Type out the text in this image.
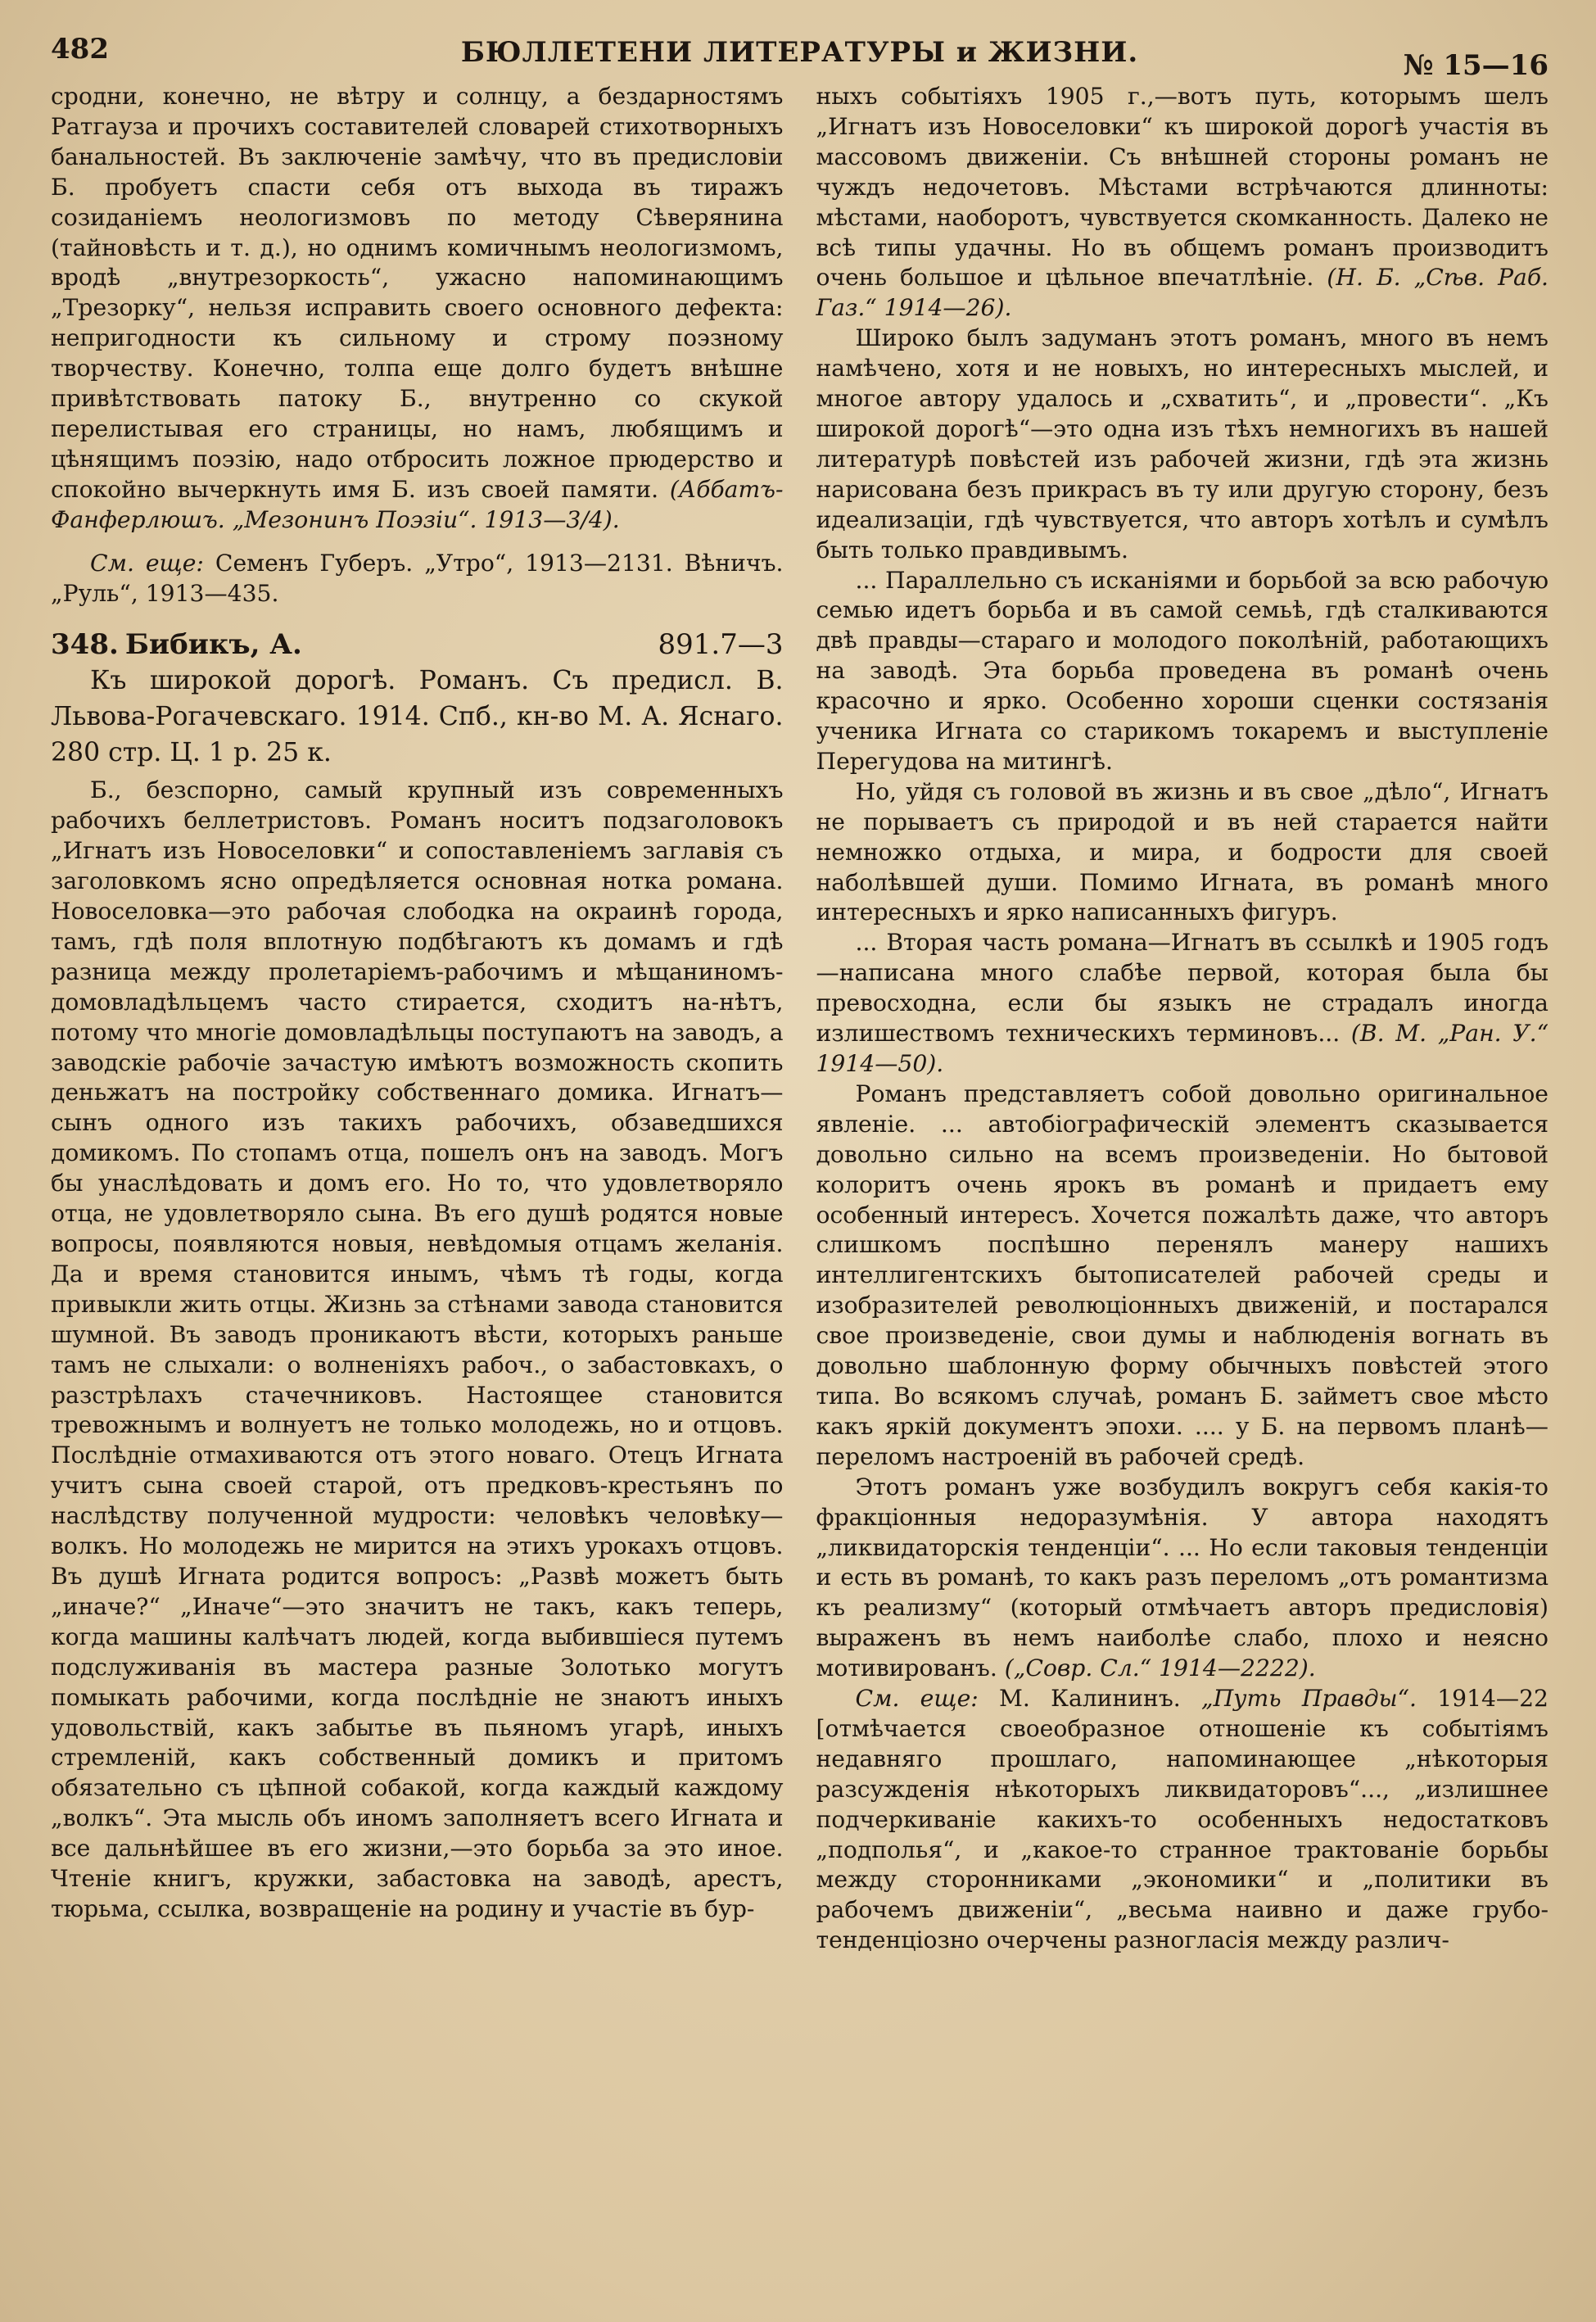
482	БЮЛЛЕТЕНИ ЛИТЕРАТУРЫ и ЖИЗНИ.	№ 15—16

сродни, конечно, не вѣтру и солнцу, а бездарностямъ Ратгауза и прочихъ составителей словарей стихотворныхъ банальностей. Въ заключеніе замѣчу, что въ предисловіи Б. пробуетъ спасти себя отъ выхода въ тиражъ созиданіемъ неологизмовъ по методу Сѣверянина (тайновѣсть и т. д.), но однимъ комичнымъ неологизмомъ, вродѣ „внутрезоркость“, ужасно напоминающимъ „Трезорку“, нельзя исправить своего основного дефекта: непригодности къ сильному и строму поэзному творчеству. Конечно, толпа еще долго будетъ внѣшне привѣтствовать патоку Б., внутренно со скукой перелистывая его страницы, но намъ, любящимъ и цѣнящимъ поэзію, надо отбросить ложное прюдерство и спокойно вычеркнуть имя Б. изъ своей памяти. (Аббатъ-Фанферлюшъ. „Мезонинъ Поэзіи“. 1913—3/4).

См. еще: Семенъ Губеръ. „Утро“, 1913—2131. Вѣничъ. „Руль“, 1913—435.

348. Бибикъ, А.	891.7—3
Къ широкой дорогѣ. Романъ. Съ предисл. В. Львова-Рогачевскаго. 1914. Спб., кн-во М. А. Яснаго. 280 стр. Ц. 1 р. 25 к.

Б., безспорно, самый крупный изъ современныхъ рабочихъ беллетристовъ. Романъ носитъ подзаголовокъ „Игнатъ изъ Новоселовки“ и сопоставленіемъ заглавія съ заголовкомъ ясно опредѣляется основная нотка романа. Новоселовка—это рабочая слободка на окраинѣ города, тамъ, гдѣ поля вплотную подбѣгаютъ къ домамъ и гдѣ разница между пролетаріемъ-рабочимъ и мѣщаниномъ-домовладѣльцемъ часто стирается, сходитъ на-нѣтъ, потому что многіе домовладѣльцы поступаютъ на заводъ, а заводскіе рабочіе зачастую имѣютъ возможность скопить деньжатъ на постройку собственнаго домика. Игнатъ—сынъ одного изъ такихъ рабочихъ, обзаведшихся домикомъ. По стопамъ отца, пошелъ онъ на заводъ. Могъ бы унаслѣдовать и домъ его. Но то, что удовлетворяло отца, не удовлетворяло сына. Въ его душѣ родятся новые вопросы, появляются новыя, невѣдомыя отцамъ желанія. Да и время становится инымъ, чѣмъ тѣ годы, когда привыкли жить отцы. Жизнь за стѣнами завода становится шумной. Въ заводъ проникаютъ вѣсти, которыхъ раньше тамъ не слыхали: о волненіяхъ рабоч., о забастовкахъ, о разстрѣлахъ стачечниковъ. Настоящее становится тревожнымъ и волнуетъ не только молодежь, но и отцовъ. Послѣдніе отмахиваются отъ этого новаго. Отецъ Игната учитъ сына своей старой, отъ предковъ-крестьянъ по наслѣдству полученной мудрости: человѣкъ человѣку—волкъ. Но молодежь не мирится на этихъ урокахъ отцовъ. Въ душѣ Игната родится вопросъ: „Развѣ можетъ быть „иначе?“ „Иначе“—это значитъ не такъ, какъ теперь, когда машины калѣчатъ людей, когда выбившіеся путемъ подслуживанія въ мастера разные Золотько могутъ помыкать рабочими, когда послѣдніе не знаютъ иныхъ удовольствій, какъ забытье въ пьяномъ угарѣ, иныхъ стремленій, какъ собственный домикъ и притомъ обязательно съ цѣпной собакой, когда каждый каждому „волкъ“. Эта мысль объ иномъ заполняетъ всего Игната и все дальнѣйшее въ его жизни,—это борьба за это иное. Чтеніе книгъ, кружки, забастовка на заводѣ, арестъ, тюрьма, ссылка, возвращеніе на родину и участіе въ бур-

ныхъ событіяхъ 1905 г.,—вотъ путь, которымъ шелъ „Игнатъ изъ Новоселовки“ къ широкой дорогѣ участія въ массовомъ движеніи. Съ внѣшней стороны романъ не чуждъ недочетовъ. Мѣстами встрѣчаются длинноты: мѣстами, наоборотъ, чувствуется скомканность. Далеко не всѣ типы удачны. Но въ общемъ романъ производитъ очень большое и цѣльное впечатлѣніе. (Н. Б. „Сѣв. Раб. Газ.“ 1914—26).

Широко былъ задуманъ этотъ романъ, много въ немъ намѣчено, хотя и не новыхъ, но интересныхъ мыслей, и многое автору удалось и „схватить“, и „провести“. „Къ широкой дорогѣ“—это одна изъ тѣхъ немногихъ въ нашей литературѣ повѣстей изъ рабочей жизни, гдѣ эта жизнь нарисована безъ прикрасъ въ ту или другую сторону, безъ идеализаціи, гдѣ чувствуется, что авторъ хотѣлъ и сумѣлъ быть только правдивымъ.

... Параллельно съ исканіями и борьбой за всю рабочую семью идетъ борьба и въ самой семьѣ, гдѣ сталкиваются двѣ правды—стараго и молодого поколѣній, работающихъ на заводѣ. Эта борьба проведена въ романѣ очень красочно и ярко. Особенно хороши сценки состязанія ученика Игната со старикомъ токаремъ и выступленіе Перегудова на митингѣ.

Но, уйдя съ головой въ жизнь и въ свое „дѣло“, Игнатъ не порываетъ съ природой и въ ней старается найти немножко отдыха, и мира, и бодрости для своей наболѣвшей души. Помимо Игната, въ романѣ много интересныхъ и ярко написанныхъ фигуръ.

... Вторая часть романа—Игнатъ въ ссылкѣ и 1905 годъ—написана много слабѣе первой, которая была бы превосходна, если бы языкъ не страдалъ иногда излишествомъ техническихъ терминовъ... (В. М. „Ран. У.“ 1914—50).

Романъ представляетъ собой довольно оригинальное явленіе. ... автобіографическій элементъ сказывается довольно сильно на всемъ произведеніи. Но бытовой колоритъ очень ярокъ въ романѣ и придаетъ ему особенный интересъ. Хочется пожалѣть даже, что авторъ слишкомъ поспѣшно перенялъ манеру нашихъ интеллигентскихъ бытописателей рабочей среды и изобразителей революціонныхъ движеній, и постарался свое произведеніе, свои думы и наблюденія вогнать въ довольно шаблонную форму обычныхъ повѣстей этого типа. Во всякомъ случаѣ, романъ Б. займетъ свое мѣсто какъ яркій документъ эпохи. .... у Б. на первомъ планѣ—переломъ настроеній въ рабочей средѣ.

Этотъ романъ уже возбудилъ вокругъ себя какія-то фракціонныя недоразумѣнія. У автора находятъ „ликвидаторскія тенденціи“. ... Но если таковыя тенденціи и есть въ романѣ, то какъ разъ переломъ „отъ романтизма къ реализму“ (который отмѣчаетъ авторъ предисловія) выраженъ въ немъ наиболѣе слабо, плохо и неясно мотивированъ. („Совр. Сл.“ 1914—2222).

См. еще: М. Калининъ. „Путь Правды“. 1914—22 [отмѣчается своеобразное отношеніе къ событіямъ недавняго прошлаго, напоминающее „нѣкоторыя разсужденія нѣкоторыхъ ликвидаторовъ“..., „излишнее подчеркиваніе какихъ-то особенныхъ недостатковъ „подполья“, и „какое-то странное трактованіе борьбы между сторонниками „экономики“ и „политики въ рабочемъ движеніи“, „весьма наивно и даже грубо-тенденціозно очерчены разногласія между различ-
